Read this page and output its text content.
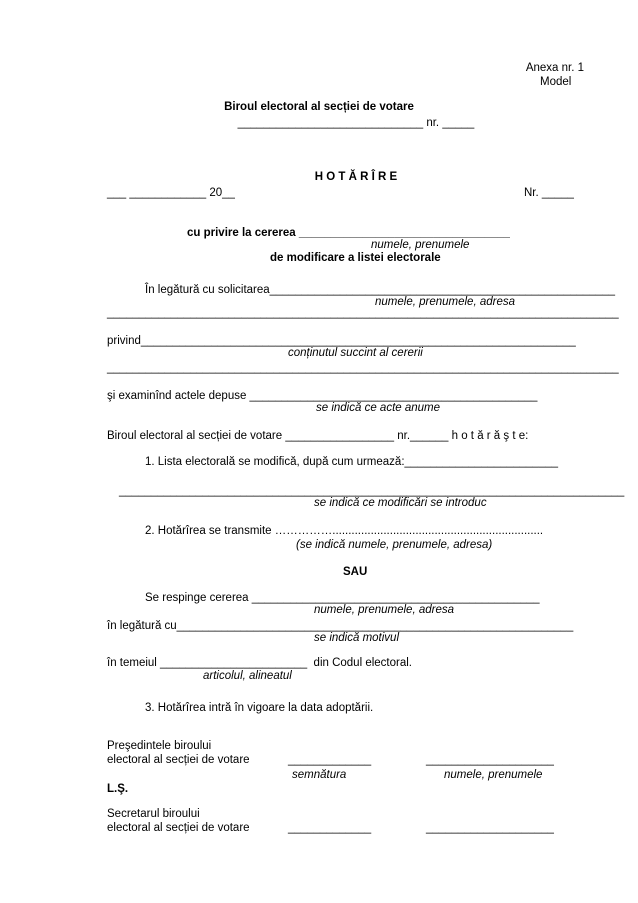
Anexa nr. 1
Model
Biroul electoral al secției de votare
_____________________________ nr. _____
H O T Ă R Î R E
___ ____________ 20__	Nr. _____
cu privire la cererea _________________________________
numele, prenumele
de modificare a listei electorale
În legătură cu solicitarea______________________________________________________
numele, prenumele, adresa
________________________________________________________________________________
privind____________________________________________________________________
conținutul succint al cererii
________________________________________________________________________________
şi examinînd actele depuse _____________________________________________
se indică ce acte anume
Biroul electoral al secției de votare _________________ nr.______ h o t ă r ă ş t e:
1. Lista electorală se modifică, după cum urmează:________________________
_______________________________________________________________________________
se indică ce modificări se introduc
2. Hotărîrea se transmite ……………..................................................................
(se indică numele, prenumele, adresa)
SAU
Se respinge cererea _____________________________________________
numele, prenumele, adresa
în legătură cu______________________________________________________________
se indică motivul
în temeiul _______________________  din Codul electoral.
articolul, alineatul
3. Hotărîrea intră în vigoare la data adoptării.
Preşedintele biroului
electoral al secției de votare	_____________	____________________
semnătura	numele, prenumele
L.Ş.
Secretarul biroului
electoral al secției de votare	_____________	____________________
